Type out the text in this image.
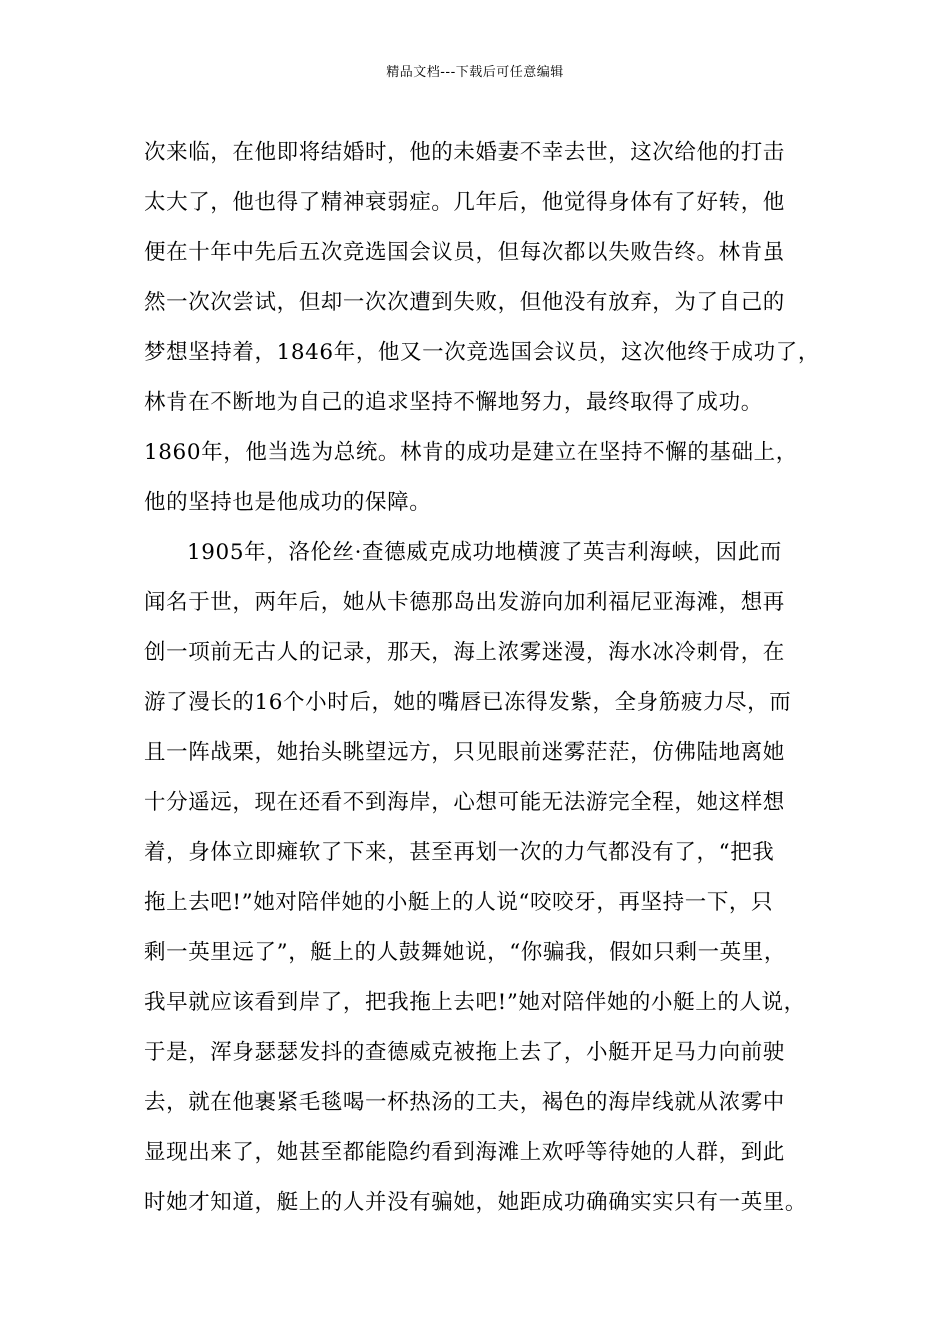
精品文档---下载后可任意编辑
次来临，在他即将结婚时，他的未婚妻不幸去世，这次给他的打击
太大了，他也得了精神衰弱症。几年后，他觉得身体有了好转，他
便在十年中先后五次竞选国会议员，但每次都以失败告终。林肯虽
然一次次尝试，但却一次次遭到失败，但他没有放弃，为了自己的
梦想坚持着，1846年，他又一次竞选国会议员，这次他终于成功了，
林肯在不断地为自己的追求坚持不懈地努力，最终取得了成功。
1860年，他当选为总统。林肯的成功是建立在坚持不懈的基础上，
他的坚持也是他成功的保障。
1905年，洛伦丝·查德威克成功地横渡了英吉利海峡，因此而
闻名于世，两年后，她从卡德那岛出发游向加利福尼亚海滩，想再
创一项前无古人的记录，那天，海上浓雾迷漫，海水冰冷刺骨，在
游了漫长的16个小时后，她的嘴唇已冻得发紫，全身筋疲力尽，而
且一阵战栗，她抬头眺望远方，只见眼前迷雾茫茫，仿佛陆地离她
十分遥远，现在还看不到海岸，心想可能无法游完全程，她这样想
着，身体立即瘫软了下来，甚至再划一次的力气都没有了，“把我
拖上去吧!”她对陪伴她的小艇上的人说“咬咬牙，再坚持一下，只
剩一英里远了”，艇上的人鼓舞她说，“你骗我，假如只剩一英里，
我早就应该看到岸了，把我拖上去吧!”她对陪伴她的小艇上的人说，
于是，浑身瑟瑟发抖的查德威克被拖上去了，小艇开足马力向前驶
去，就在他裹紧毛毯喝一杯热汤的工夫，褐色的海岸线就从浓雾中
显现出来了，她甚至都能隐约看到海滩上欢呼等待她的人群，到此
时她才知道，艇上的人并没有骗她，她距成功确确实实只有一英里。
